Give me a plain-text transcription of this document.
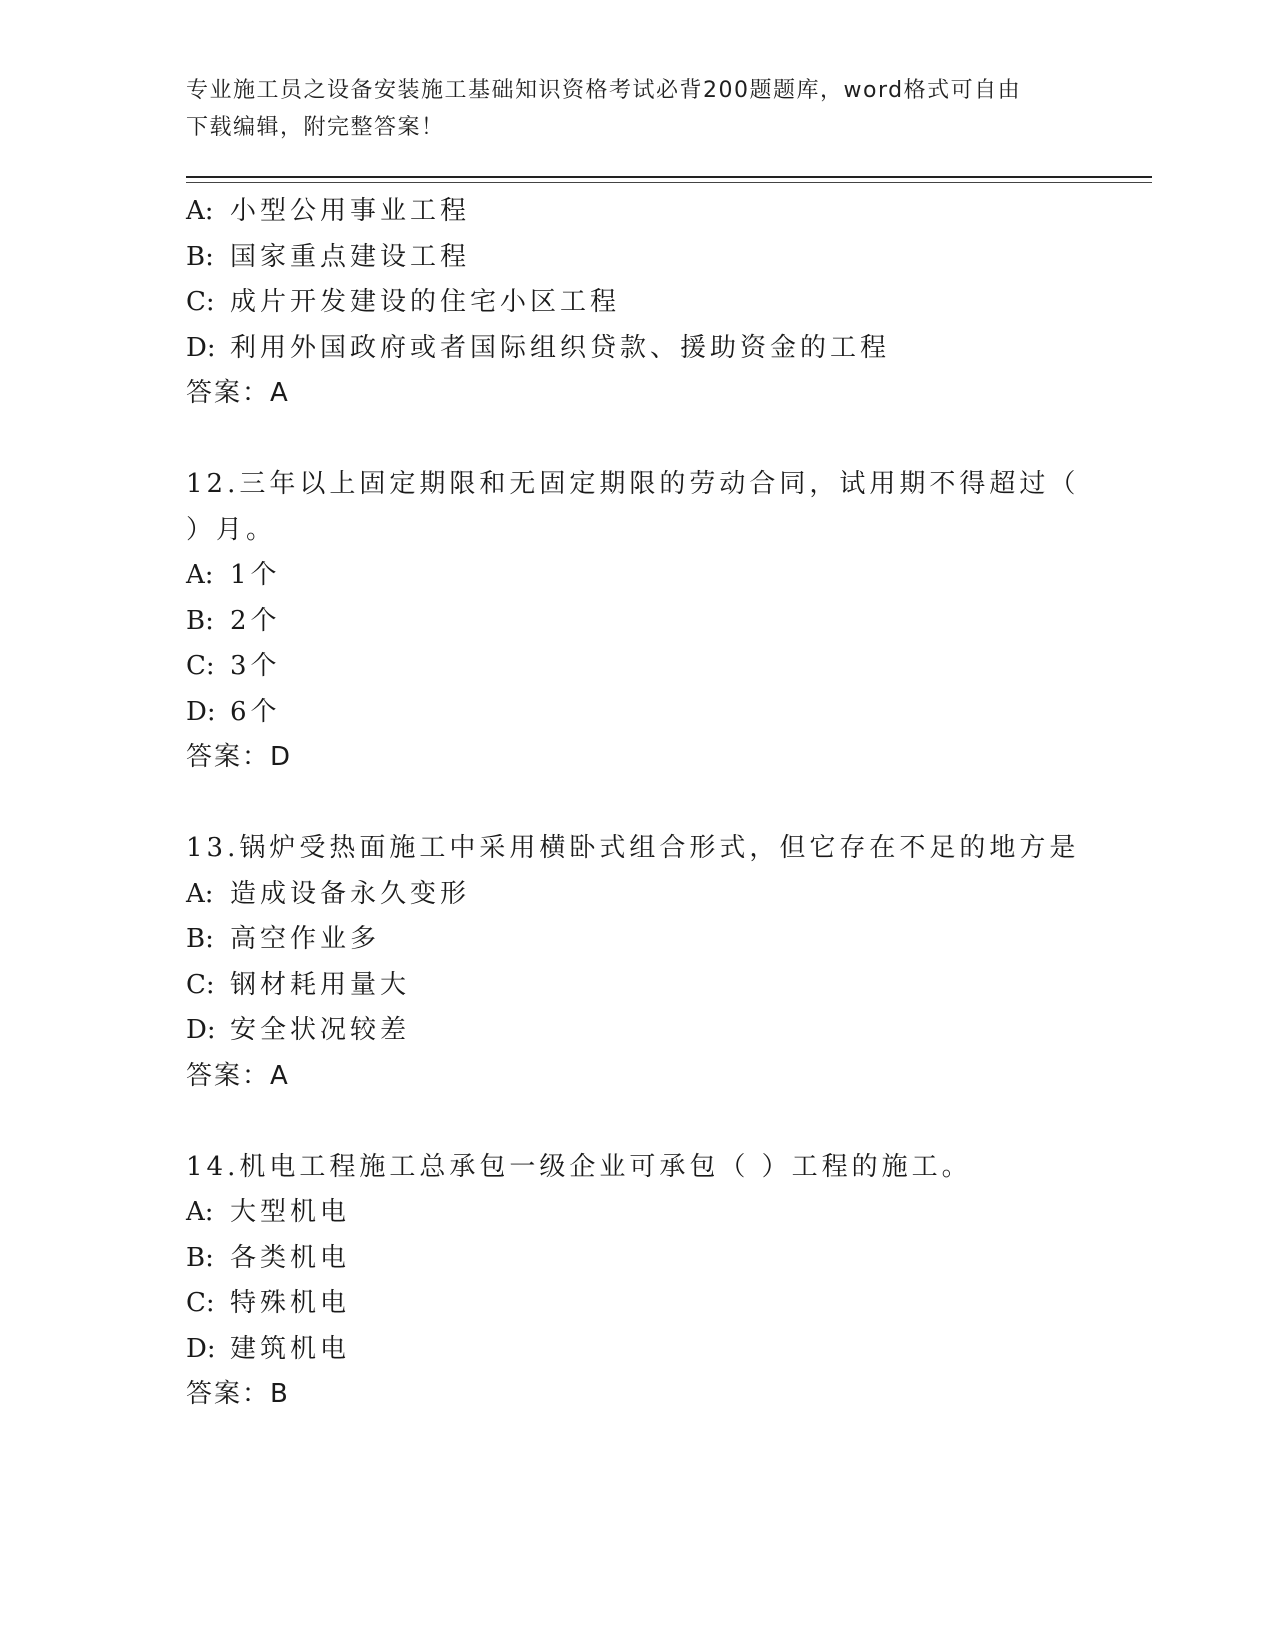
专业施工员之设备安装施工基础知识资格考试必背200题题库，word格式可自由
下载编辑，附完整答案！
A: 小型公用事业工程
B: 国家重点建设工程
C: 成片开发建设的住宅小区工程
D: 利用外国政府或者国际组织贷款、援助资金的工程
答案：A
12.三年以上固定期限和无固定期限的劳动合同，试用期不得超过（
）月。
A: 1个
B: 2个
C: 3个
D: 6个
答案：D
13.锅炉受热面施工中采用横卧式组合形式，但它存在不足的地方是
A: 造成设备永久变形
B: 高空作业多
C: 钢材耗用量大
D: 安全状况较差
答案：A
14.机电工程施工总承包一级企业可承包（ ）工程的施工。
A: 大型机电
B: 各类机电
C: 特殊机电
D: 建筑机电
答案：B
